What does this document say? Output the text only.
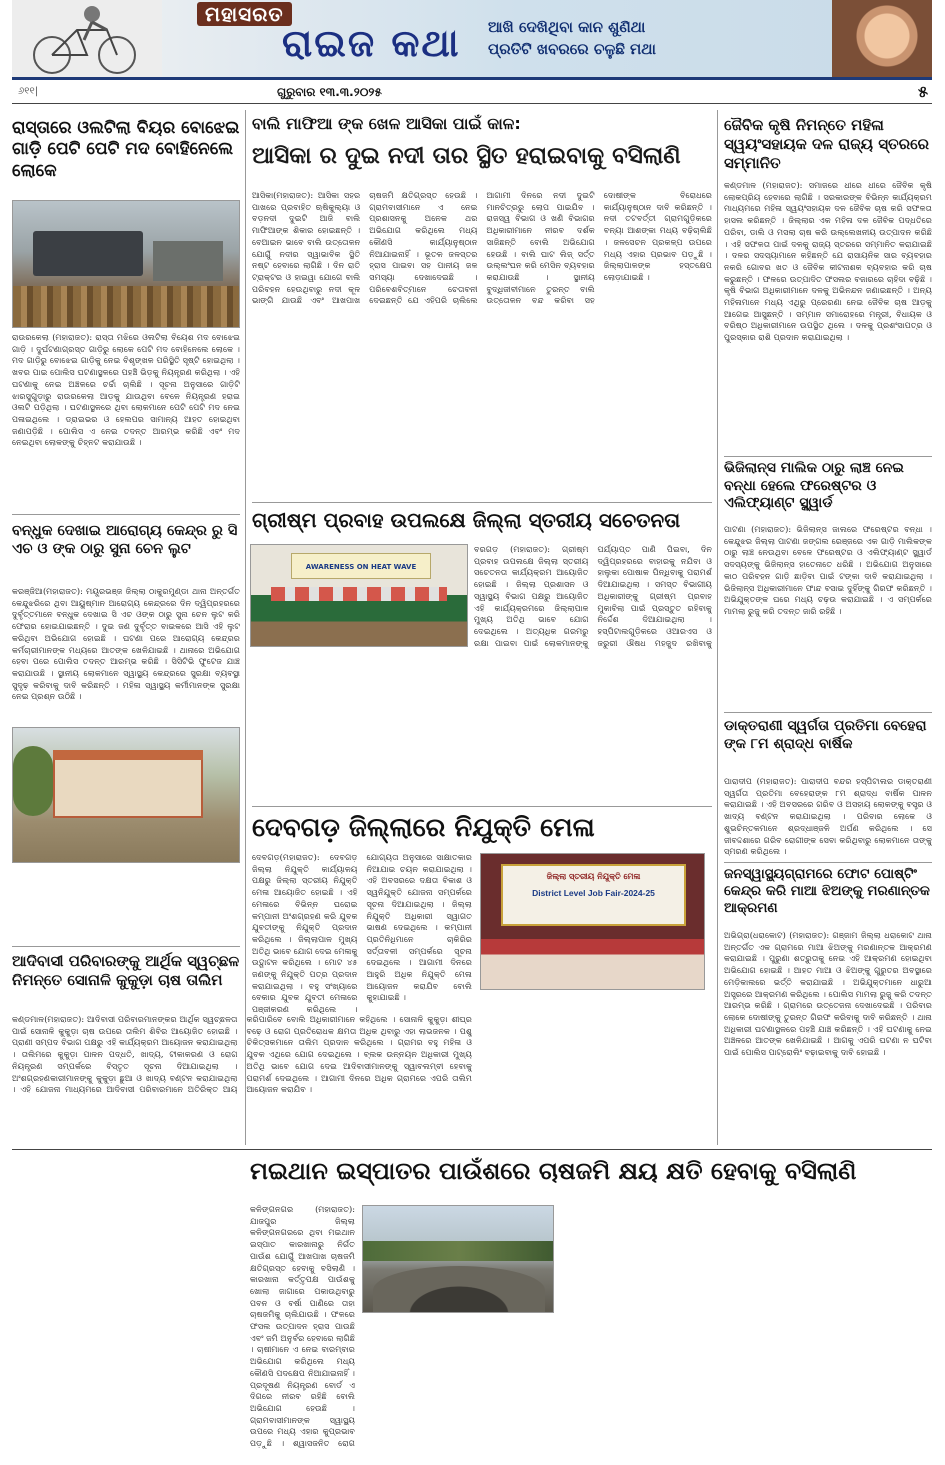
ମହାସରତ
ରାଇଜ କଥା ଆଖି ଦେଖିଥିବା କାନ ଶୁଣିଥା
ପ୍ରତିଟି ଖବରରେ ଚଳୁଛି ମଥା
୬୧୧|	ଗୁରୁବାର ୧୩.୩.୨୦୨୫	୫
ରାସ୍ତାରେ ଓଲଟିଲା ବିୟର ବୋଝେଇ ଗାଡ଼ି ପେଟି ପେଟି ମଦ ବୋହିନେଲେ ଲୋକେ
ରାଉରକେଲା (ମହାରାଜତ): ରାସ୍ତା ମଝିରେ ଓଲଟିଲା ବିୟେଶ ମଦ ବୋଝେଇ ଗାଡ଼ି । ଦୁର୍ଘଟଣାଗ୍ରସ୍ତ ଗାଡ଼ିରୁ ଲୋକେ ପେଟି ମଦ ବୋହିନେଲେ ଲୋକେ । ମଦ ଗାଡ଼ିରୁ ବୋଝେଇ ଗାଡ଼ିକୁ ନେଇ ବିଶୃଙ୍ଖଳ ପରିସ୍ଥିତି ସୃଷ୍ଟି ହୋଇଥିଲା । ଖବର ପାଇ ପୋଲିସ ଘଟଣାସ୍ଥଳରେ ପହଞ୍ଚି ଭିଡ଼କୁ ନିୟନ୍ତ୍ରଣ କରିଥିଲା । ଏହି ଘଟଣାକୁ ନେଇ ଅଞ୍ଚଳରେ ଚର୍ଚ୍ଚା ଚାଲିଛି । ସୂଚନା ଅନୁସାରେ ଗାଡ଼ିଟି ଝାରସୁଗୁଡ଼ାରୁ ରାଉରକେଲା ଆଡ଼କୁ ଯାଉଥିବା ବେଳେ ନିୟନ୍ତ୍ରଣ ହରାଇ ଓଲଟି ପଡ଼ିଥିଲା । ଘଟଣାସ୍ଥଳରେ ଥିବା ଲୋକମାନେ ପେଟି ପେଟି ମଦ ନେଇ ପଳାଇଥିଲେ । ଡ୍ରାଇଭର ଓ ହେଲପର ସାମାନ୍ୟ ଆହତ ହୋଇଥିବା ଜଣାପଡ଼ିଛି । ପୋଲିସ ଏ ନେଇ ତଦନ୍ତ ଆରମ୍ଭ କରିଛି ଏବଂ ମଦ ନେଇଥିବା ଲୋକଙ୍କୁ ଚିହ୍ନଟ କରାଯାଉଛି ।
ବନ୍ଧୁକ ଦେଖାଇ ଆରୋଗ୍ୟ କେନ୍ଦ୍ର ରୁ ସି ଏଚ ଓ ଙ୍କ ଠାରୁ ସୁନା ଚେନ ଲୁଟ
କରଞ୍ଜିଆ(ମହାରାଜତ): ମୟୂରଭଞ୍ଜ ଜିଲ୍ଲା ଠାକୁରମୁଣ୍ଡା ଥାନା ଅନ୍ତର୍ଗତ କେନ୍ଦୁଝରିରେ ଥିବା ଆୟୁଷ୍ମାନ ଆରୋଗ୍ୟ କେନ୍ଦ୍ରରେ ଦିନ ଦ୍ୱିପ୍ରହରରେ ଦୁର୍ବୃତ୍ତମାନେ ବନ୍ଧୁକ ଦେଖାଇ ସି ଏଚ ଓଙ୍କ ଠାରୁ ସୁନା ଚେନ ଲୁଟ କରି ଫେରାର ହୋଇଯାଇଛନ୍ତି । ଦୁଇ ଜଣ ଦୁର୍ବୃତ୍ତ ବାଇକରେ ଆସି ଏହି ଲୁଟ କରିଥିବା ଅଭିଯୋଗ ହୋଇଛି । ଘଟଣା ପରେ ଆରୋଗ୍ୟ କେନ୍ଦ୍ରର କର୍ମଚାରୀମାନଙ୍କ ମଧ୍ୟରେ ଆତଙ୍କ ଖେଳିଯାଇଛି । ଥାନାରେ ଅଭିଯୋଗ ହେବା ପରେ ପୋଲିସ ତଦନ୍ତ ଆରମ୍ଭ କରିଛି । ସିସିଟିଭି ଫୁଟେଜ ଯାଞ୍ଚ କରାଯାଉଛି । ସ୍ଥାନୀୟ ଲୋକମାନେ ସ୍ୱାସ୍ଥ୍ୟ କେନ୍ଦ୍ରରେ ସୁରକ୍ଷା ବ୍ୟବସ୍ଥା ସୁଦୃଢ଼ କରିବାକୁ ଦାବି କରିଛନ୍ତି । ମହିଳା ସ୍ୱାସ୍ଥ୍ୟ କର୍ମୀମାନଙ୍କ ସୁରକ୍ଷା ନେଇ ପ୍ରଶ୍ନ ଉଠିଛି ।
ଆଦିବାସୀ ପରିବାରଙ୍କୁ ଆର୍ଥିକ ସ୍ୱଚ୍ଛଳ ନିମନ୍ତେ ସୋନାଳି କୁକୁଡ଼ା ଚାଷ ତାଲିମ
କଣ୍ଡମାଳ(ମହାରାଜତ): ଆଦିବାସୀ ପରିବାରମାନଙ୍କର ଆର୍ଥିକ ସ୍ୱଚ୍ଛଳତା ପାଇଁ ସୋନାଳି କୁକୁଡ଼ା ଚାଷ ଉପରେ ତାଲିମ ଶିବିର ଆୟୋଜିତ ହୋଇଛି । ପ୍ରାଣୀ ସମ୍ପଦ ବିଭାଗ ପକ୍ଷରୁ ଏହି କାର୍ଯ୍ୟକ୍ରମ ଆୟୋଜନ କରାଯାଇଥିଲା । ତାଲିମରେ କୁକୁଡ଼ା ପାଳନ ପଦ୍ଧତି, ଖାଦ୍ୟ, ଟୀକାକରଣ ଓ ରୋଗ ନିୟନ୍ତ୍ରଣ ସମ୍ପର୍କରେ ବିସ୍ତୃତ ସୂଚନା ଦିଆଯାଇଥିଲା । ଅଂଶଗ୍ରହଣକାରୀମାନଙ୍କୁ କୁକୁଡ଼ା ଛୁଆ ଓ ଖାଦ୍ୟ ବଣ୍ଟନ କରାଯାଇଥିଲା । ଏହି ଯୋଜନା ମାଧ୍ୟମରେ ଆଦିବାସୀ ପରିବାରମାନେ ଅତିରିକ୍ତ ଆୟ କରିପାରିବେ ବୋଲି ଅଧିକାରୀମାନେ କହିଥିଲେ । ସୋନାଳି କୁକୁଡ଼ା ଶୀଘ୍ର ବଢ଼େ ଓ ରୋଗ ପ୍ରତିରୋଧକ କ୍ଷମତା ଅଧିକ ଥିବାରୁ ଏହା ଲାଭଜନକ । ପଶୁ ଚିକିତ୍ସକମାନେ ତାଲିମ ପ୍ରଦାନ କରିଥିଲେ । ଗ୍ରାମର ବହୁ ମହିଳା ଓ ଯୁବକ ଏଥିରେ ଯୋଗ ଦେଇଥିଲେ । ବ୍ଲକ ଉନ୍ନୟନ ଅଧିକାରୀ ମୁଖ୍ୟ ଅତିଥି ଭାବେ ଯୋଗ ଦେଇ ଆଦିବାସୀମାନଙ୍କୁ ସ୍ୱାବଲମ୍ବୀ ହେବାକୁ ପରାମର୍ଶ ଦେଇଥିଲେ । ଆଗାମୀ ଦିନରେ ଅଧିକ ଗ୍ରାମରେ ଏପରି ତାଲିମ ଆୟୋଜନ କରାଯିବ ।
ବାଲି ମାଫିଆ ଙ୍କ ଖେଳ ଆସିକା ପାଇଁ କାଳ:
ଆସିକା ର ଦୁଇ ନଦୀ ତାର ସ୍ଥିତ ହରାଇବାକୁ ବସିଲାଣି
ଆସିକା(ମହାରାଜତ): ଆସିକା ସହର ପାଖରେ ପ୍ରବାହିତ ଋଷିକୁଲ୍ୟା ଓ ବଡ଼ନଦୀ ଦୁଇଟି ଆଜି ବାଲି ମାଫିଆଙ୍କ ଶିକାର ହୋଇଛନ୍ତି । ବେଆଇନ ଭାବେ ବାଲି ଉତ୍ତୋଳନ ଯୋଗୁଁ ନଦୀର ସ୍ୱାଭାବିକ ସ୍ଥିତି ନଷ୍ଟ ହେବାରେ ଲାଗିଛି । ଦିନ ରାତି ଟ୍ରାକ୍ଟର ଓ ହାଇୱା ଯୋଗେ ବାଲି ପରିବହନ ହେଉଥିବାରୁ ନଦୀ କୂଳ ଭାଙ୍ଗି ଯାଉଛି ଏବଂ ଆଖପାଖ ଚାଷଜମି କ୍ଷତିଗ୍ରସ୍ତ ହେଉଛି । ଗ୍ରାମବାସୀମାନେ ଏ ନେଇ ପ୍ରଶାସନକୁ ଅନେକ ଥର ଅଭିଯୋଗ କରିଥିଲେ ମଧ୍ୟ କୌଣସି କାର୍ଯ୍ୟାନୁଷ୍ଠାନ ନିଆଯାଇନାହିଁ । ଭୂତଳ ଜଳସ୍ତର ହ୍ରାସ ପାଇବା ସହ ପାନୀୟ ଜଳ ସମସ୍ୟା ଦେଖାଦେଇଛି । ପରିବେଶବିତ୍ମାନେ ଚେତାବନୀ ଦେଇଛନ୍ତି ଯେ ଏହିପରି ଚାଲିଲେ ଆଗାମୀ ଦିନରେ ନଦୀ ଦୁଇଟି ମାନଚିତ୍ରରୁ ଲୋପ ପାଇଯିବ । ରାଜସ୍ୱ ବିଭାଗ ଓ ଖଣି ବିଭାଗର ଅଧିକାରୀମାନେ ନୀରବ ଦର୍ଶକ ସାଜିଛନ୍ତି ବୋଲି ଅଭିଯୋଗ ହେଉଛି । ବାଲି ଘାଟ ଲିଜ୍ ସର୍ତ୍ତ ଉଲ୍ଲଂଘନ କରି ମେସିନ ବ୍ୟବହାର କରାଯାଉଛି । ସ୍ଥାନୀୟ ବୁଦ୍ଧିଜୀବୀମାନେ ତୁରନ୍ତ ବାଲି ଉତ୍ତୋଳନ ବନ୍ଦ କରିବା ସହ ଦୋଷୀଙ୍କ ବିରୋଧରେ କାର୍ଯ୍ୟାନୁଷ୍ଠାନ ଦାବି କରିଛନ୍ତି । ନଦୀ ତଟବର୍ତ୍ତୀ ଗ୍ରାମଗୁଡ଼ିକରେ ବନ୍ୟା ଆଶଙ୍କା ମଧ୍ୟ ବଢ଼ିଚାଲିଛି । ଜଳସେଚନ ପ୍ରକଳ୍ପ ଉପରେ ମଧ୍ୟ ଏହାର ପ୍ରଭାବ ପଡ଼ୁଛି । ଜିଲ୍ଲାପାଳଙ୍କ ହସ୍ତକ୍ଷେପ ଲୋଡ଼ାଯାଇଛି ।
ଗ୍ରୀଷ୍ମ ପ୍ରବାହ ଉପଲକ୍ଷେ ଜିଲ୍ଲା ସ୍ତରୀୟ ସଚେତନତା
AWARENESS ON HEAT WAVE
ବରଗଡ଼ (ମହାରାଜତ): ଗ୍ରୀଷ୍ମ ପ୍ରବାହ ଉପଲକ୍ଷେ ଜିଲ୍ଲା ସ୍ତରୀୟ ସଚେତନତା କାର୍ଯ୍ୟକ୍ରମ ଆୟୋଜିତ ହୋଇଛି । ଜିଲ୍ଲା ପ୍ରଶାସନ ଓ ସ୍ୱାସ୍ଥ୍ୟ ବିଭାଗ ପକ୍ଷରୁ ଆୟୋଜିତ ଏହି କାର୍ଯ୍ୟକ୍ରମରେ ଜିଲ୍ଲାପାଳ ମୁଖ୍ୟ ଅତିଥି ଭାବେ ଯୋଗ ଦେଇଥିଲେ । ଅତ୍ୟଧିକ ଗରମରୁ ରକ୍ଷା ପାଇବା ପାଇଁ ଲୋକମାନଙ୍କୁ ପର୍ଯ୍ୟାପ୍ତ ପାଣି ପିଇବା, ଦିନ ଦ୍ୱିପ୍ରହରରେ ବାହାରକୁ ନଯିବା ଓ ହାଲୁକା ପୋଷାକ ପିନ୍ଧିବାକୁ ପରାମର୍ଶ ଦିଆଯାଇଥିଲା । ସମସ୍ତ ବିଭାଗୀୟ ଅଧିକାରୀଙ୍କୁ ଗ୍ରୀଷ୍ମ ପ୍ରବାହ ମୁକାବିଲା ପାଇଁ ପ୍ରସ୍ତୁତ ରହିବାକୁ ନିର୍ଦ୍ଦେଶ ଦିଆଯାଇଥିଲା । ହସ୍ପିଟାଲଗୁଡ଼ିକରେ ଓଆରଏସ ଓ ଜରୁରୀ ଔଷଧ ମହଜୁଦ ରଖିବାକୁ
ଦେବଗଡ଼ ଜିଲ୍ଲାରେ ନିଯୁକ୍ତି ମେଳା
ଦେବଗଡ଼(ମହାରାଜତ): ଦେବଗଡ଼ ଜିଲ୍ଲା ନିଯୁକ୍ତି କାର୍ଯ୍ୟାଳୟ ପକ୍ଷରୁ ଜିଲ୍ଲା ସ୍ତରୀୟ ନିଯୁକ୍ତି ମେଳା ଆୟୋଜିତ ହୋଇଛି । ଏହି ମେଳାରେ ବିଭିନ୍ନ ଘରୋଇ କମ୍ପାନୀ ଅଂଶଗ୍ରହଣ କରି ଯୁବକ ଯୁବତୀଙ୍କୁ ନିଯୁକ୍ତି ପ୍ରଦାନ କରିଥିଲେ । ଜିଲ୍ଲାପାଳ ମୁଖ୍ୟ ଅତିଥି ଭାବେ ଯୋଗ ଦେଇ ମେଳାକୁ ଉଦ୍ଘାଟନ କରିଥିଲେ । ମୋଟ ୪୫ ଜଣଙ୍କୁ ନିଯୁକ୍ତି ପତ୍ର ପ୍ରଦାନ କରାଯାଇଥିଲା । ବହୁ ସଂଖ୍ୟାରେ ବେକାର ଯୁବକ ଯୁବତୀ ମେଳାରେ ପଞ୍ଜୀକରଣ କରିଥିଲେ । ଯୋଗ୍ୟତା ଅନୁସାରେ ସାକ୍ଷାତକାର ନିଆଯାଇ ଚୟନ କରାଯାଇଥିଲା । ଏହି ଅବସରରେ ଦକ୍ଷତା ବିକାଶ ଓ ସ୍ୱନିଯୁକ୍ତି ଯୋଜନା ସମ୍ପର୍କରେ ସୂଚନା ଦିଆଯାଇଥିଲା । ଜିଲ୍ଲା ନିଯୁକ୍ତି ଅଧିକାରୀ ସ୍ୱାଗତ ଭାଷଣ ଦେଇଥିଲେ । କମ୍ପାନୀ ପ୍ରତିନିଧିମାନେ ଚାକିରିର ସର୍ତ୍ତାବଳୀ ସମ୍ପର୍କରେ ସୂଚନା ଦେଇଥିଲେ । ଆଗାମୀ ଦିନରେ ଆହୁରି ଅଧିକ ନିଯୁକ୍ତି ମେଳା ଆୟୋଜନ କରାଯିବ ବୋଲି କୁହାଯାଇଛି ।
ଜିଲ୍ଲା ସ୍ତରୀୟ ନିଯୁକ୍ତି ମେଳା
District Level Job Fair-2024-25
ଜୈବିକ କୃଷି ନିମନ୍ତେ ମହିଳା ସ୍ୱୟଂସହାୟକ ଦଳ ରାଜ୍ୟ ସ୍ତରରେ ସମ୍ମାନିତ
କଣ୍ଡମାଳ (ମହାରାଜତ): ସମାଜରେ ଧୀରେ ଧୀରେ ଜୈବିକ କୃଷି ଲୋକପ୍ରିୟ ହେବାରେ ଲାଗିଛି । ସରକାରଙ୍କ ବିଭିନ୍ନ କାର୍ଯ୍ୟକ୍ରମ ମାଧ୍ୟମରେ ମହିଳା ସ୍ୱୟଂସହାୟକ ଦଳ ଜୈବିକ ଚାଷ କରି ସଫଳତା ହାସଲ କରିଛନ୍ତି । ଜିଲ୍ଲାର ଏକ ମହିଳା ଦଳ ଜୈବିକ ପଦ୍ଧତିରେ ପରିବା, ଡାଲି ଓ ମସଲା ଚାଷ କରି ଉଲ୍ଲେଖନୀୟ ଉତ୍ପାଦନ କରିଛି । ଏହି ସଫଳତା ପାଇଁ ଦଳକୁ ରାଜ୍ୟ ସ୍ତରରେ ସମ୍ମାନିତ କରାଯାଇଛି । ଦଳର ସଦସ୍ୟାମାନେ କହିଛନ୍ତି ଯେ ରାସାୟନିକ ସାର ବ୍ୟବହାର ନକରି ଗୋବର ଖତ ଓ ଜୈବିକ କୀଟନାଶକ ବ୍ୟବହାର କରି ଚାଷ କରୁଛନ୍ତି । ଫଳରେ ଉତ୍ପାଦିତ ଫସଲର ବଜାରରେ ଚାହିଦା ବଢ଼ିଛି । କୃଷି ବିଭାଗ ଅଧିକାରୀମାନେ ଦଳକୁ ଅଭିନନ୍ଦନ ଜଣାଇଛନ୍ତି । ଅନ୍ୟ ମହିଳାମାନେ ମଧ୍ୟ ଏଥିରୁ ପ୍ରେରଣା ନେଇ ଜୈବିକ ଚାଷ ଆଡ଼କୁ ଆଗେଇ ଆସୁଛନ୍ତି । ସମ୍ମାନ ସମାରୋହରେ ମନ୍ତ୍ରୀ, ବିଧାୟକ ଓ ବରିଷ୍ଠ ଅଧିକାରୀମାନେ ଉପସ୍ଥିତ ଥିଲେ । ଦଳକୁ ପ୍ରଶଂସାପତ୍ର ଓ ପୁରସ୍କାର ରାଶି ପ୍ରଦାନ କରାଯାଇଥିଲା ।
ଭିଜିଲାନ୍ସ ମାଲିକ ଠାରୁ ଲାଞ୍ଚ ନେଇ ବନ୍ଧା ହେଲେ ଫରେଷ୍ଟର ଓ ଏଲିଫ୍ୟାଣ୍ଟ ସ୍କ୍ୱାର୍ଡ
ପାଟଣା (ମହାରାଜତ): ଭିଜିଲାନ୍ସ ଜାଲରେ ଫରେଷ୍ଟର ବନ୍ଧା । କେନ୍ଦୁଝର ଜିଲ୍ଲା ପାଟଣା ଜଙ୍ଗଲ ରେଞ୍ଜରେ ଏକ ଗାଡ଼ି ମାଲିକଙ୍କ ଠାରୁ ଲାଞ୍ଚ ନେଉଥିବା ବେଳେ ଫରେଷ୍ଟର ଓ ଏଲିଫ୍ୟାଣ୍ଟ ସ୍କ୍ୱାର୍ଡ ସଦସ୍ୟଙ୍କୁ ଭିଜିଲାନ୍ସ ହାତେନାତେ ଧରିଛି । ଅଭିଯୋଗ ଅନୁସାରେ କାଠ ପରିବହନ ଗାଡ଼ି ଛାଡ଼ିବା ପାଇଁ ଟଙ୍କା ଦାବି କରାଯାଇଥିଲା । ଭିଜିଲାନ୍ସ ଅଧିକାରୀମାନେ ଫାନ୍ଦ ବସାଇ ଦୁହିଁଙ୍କୁ ଗିରଫ କରିଛନ୍ତି । ଅଭିଯୁକ୍ତଙ୍କ ଘରେ ମଧ୍ୟ ଚଢ଼ଉ କରାଯାଇଛି । ଏ ସମ୍ପର୍କରେ ମାମଲା ରୁଜୁ କରି ତଦନ୍ତ ଜାରି ରହିଛି ।
ଡାକ୍ତରାଣୀ ସ୍ୱର୍ଗତା ପ୍ରତିମା ବେହେରା ଙ୍କ ୮ମ ଶ୍ରାଦ୍ଧ ବାର୍ଷିକ
ପାରାଦୀପ (ମହାରାଜତ): ପାରାଦୀପ ବନ୍ଦର ହସ୍ପିଟାଲର ଡାକ୍ତରାଣୀ ସ୍ୱର୍ଗତା ପ୍ରତିମା ବେହେରାଙ୍କ ୮ମ ଶ୍ରାଦ୍ଧ ବାର୍ଷିକ ପାଳନ କରାଯାଇଛି । ଏହି ଅବସରରେ ଗରିବ ଓ ଅସହାୟ ଲୋକଙ୍କୁ ବସ୍ତ୍ର ଓ ଖାଦ୍ୟ ବଣ୍ଟନ କରାଯାଇଥିଲା । ପରିବାର ଲୋକେ ଓ ଶୁଭଚିନ୍ତକମାନେ ଶ୍ରଦ୍ଧାଞ୍ଜଳି ଅର୍ପଣ କରିଥିଲେ । ସେ ଜୀବଦ୍ଦଶାରେ ଗରିବ ରୋଗୀଙ୍କ ସେବା କରିଥିବାରୁ ଲୋକମାନେ ତାଙ୍କୁ ସ୍ମରଣ କରିଥିଲେ ।
ଜନସ୍ୱାସ୍ଥ୍ୟଗ୍ରାମରେ ଫୋଟ ପୋଷ୍ଟିଂ କେନ୍ଦ୍ର କରି ମାଆ ଝିଅଙ୍କୁ ମରଣାନ୍ତକ ଆକ୍ରମଣ
ଅଭିଗ୍ରା(ଧରାକୋଟ) (ମହାରାଜତ): ଗଞ୍ଜାମ ଜିଲ୍ଲା ଧରାକୋଟ ଥାନା ଅନ୍ତର୍ଗତ ଏକ ଗ୍ରାମରେ ମାଆ ଝିଅଙ୍କୁ ମରଣାନ୍ତକ ଆକ୍ରମଣ କରାଯାଇଛି । ପୁରୁଣା ଶତ୍ରୁତାକୁ ନେଇ ଏହି ଆକ୍ରମଣ ହୋଇଥିବା ଅଭିଯୋଗ ହୋଇଛି । ଆହତ ମାଆ ଓ ଝିଅଙ୍କୁ ଗୁରୁତର ଅବସ୍ଥାରେ ମେଡ଼ିକାଲରେ ଭର୍ତ୍ତି କରାଯାଇଛି । ଅଭିଯୁକ୍ତମାନେ ଧାରୁଆ ଅସ୍ତ୍ରରେ ଆକ୍ରମଣ କରିଥିଲେ । ପୋଲିସ ମାମଲା ରୁଜୁ କରି ତଦନ୍ତ ଆରମ୍ଭ କରିଛି । ଗ୍ରାମରେ ଉତ୍ତେଜନା ଦେଖାଦେଇଛି । ପରିବାର ଲୋକେ ଦୋଷୀଙ୍କୁ ତୁରନ୍ତ ଗିରଫ କରିବାକୁ ଦାବି କରିଛନ୍ତି । ଥାନା ଅଧିକାରୀ ଘଟଣାସ୍ଥଳରେ ପହଞ୍ଚି ଯାଞ୍ଚ କରିଛନ୍ତି । ଏହି ଘଟଣାକୁ ନେଇ ଅଞ୍ଚଳରେ ଆତଙ୍କ ଖେଳିଯାଇଛି । ଆଗକୁ ଏପରି ଘଟଣା ନ ଘଟିବା ପାଇଁ ପୋଲିସ ପାଟ୍ରୋଲିଂ ବଢ଼ାଇବାକୁ ଦାବି ହୋଇଛି ।
ମଇଥାନ ଇସ୍ପାତର ପାଉଁଶରେ ଚାଷଜମି କ୍ଷୟ କ୍ଷତି ହେବାକୁ ବସିଲାଣି
କଳିଙ୍ଗନଗର (ମହାରାଜତ): ଯାଜପୁର ଜିଲ୍ଲା କଳିଙ୍ଗନଗରରେ ଥିବା ମଇଥାନ ଇସ୍ପାତ କାରଖାନାରୁ ନିର୍ଗତ ପାଉଁଶ ଯୋଗୁଁ ଆଖପାଖ ଚାଷଜମି କ୍ଷତିଗ୍ରସ୍ତ ହେବାକୁ ବସିଲାଣି । କାରଖାନା କର୍ତ୍ତୃପକ୍ଷ ପାଉଁଶକୁ ଖୋଲା ଜାଗାରେ ପକାଉଥିବାରୁ ପବନ ଓ ବର୍ଷା ପାଣିରେ ତାହା ଚାଷଜମିକୁ ଚାଲିଯାଉଛି । ଫଳରେ ଫସଲ ଉତ୍ପାଦନ ହ୍ରାସ ପାଉଛି ଏବଂ ଜମି ଅନୁର୍ବର ହେବାରେ ଲାଗିଛି । ଚାଷୀମାନେ ଏ ନେଇ ବାରମ୍ବାର ଅଭିଯୋଗ କରିଥିଲେ ମଧ୍ୟ କୌଣସି ପଦକ୍ଷେପ ନିଆଯାଇନାହିଁ । ପ୍ରଦୂଷଣ ନିୟନ୍ତ୍ରଣ ବୋର୍ଡ ଏ ଦିଗରେ ନୀରବ ରହିଛି ବୋଲି ଅଭିଯୋଗ ହେଉଛି । ଗ୍ରାମବାସୀମାନଙ୍କ ସ୍ୱାସ୍ଥ୍ୟ ଉପରେ ମଧ୍ୟ ଏହାର କୁପ୍ରଭାବ ପଡ଼ୁଛି । ଶ୍ୱାସଜନିତ ରୋଗ
